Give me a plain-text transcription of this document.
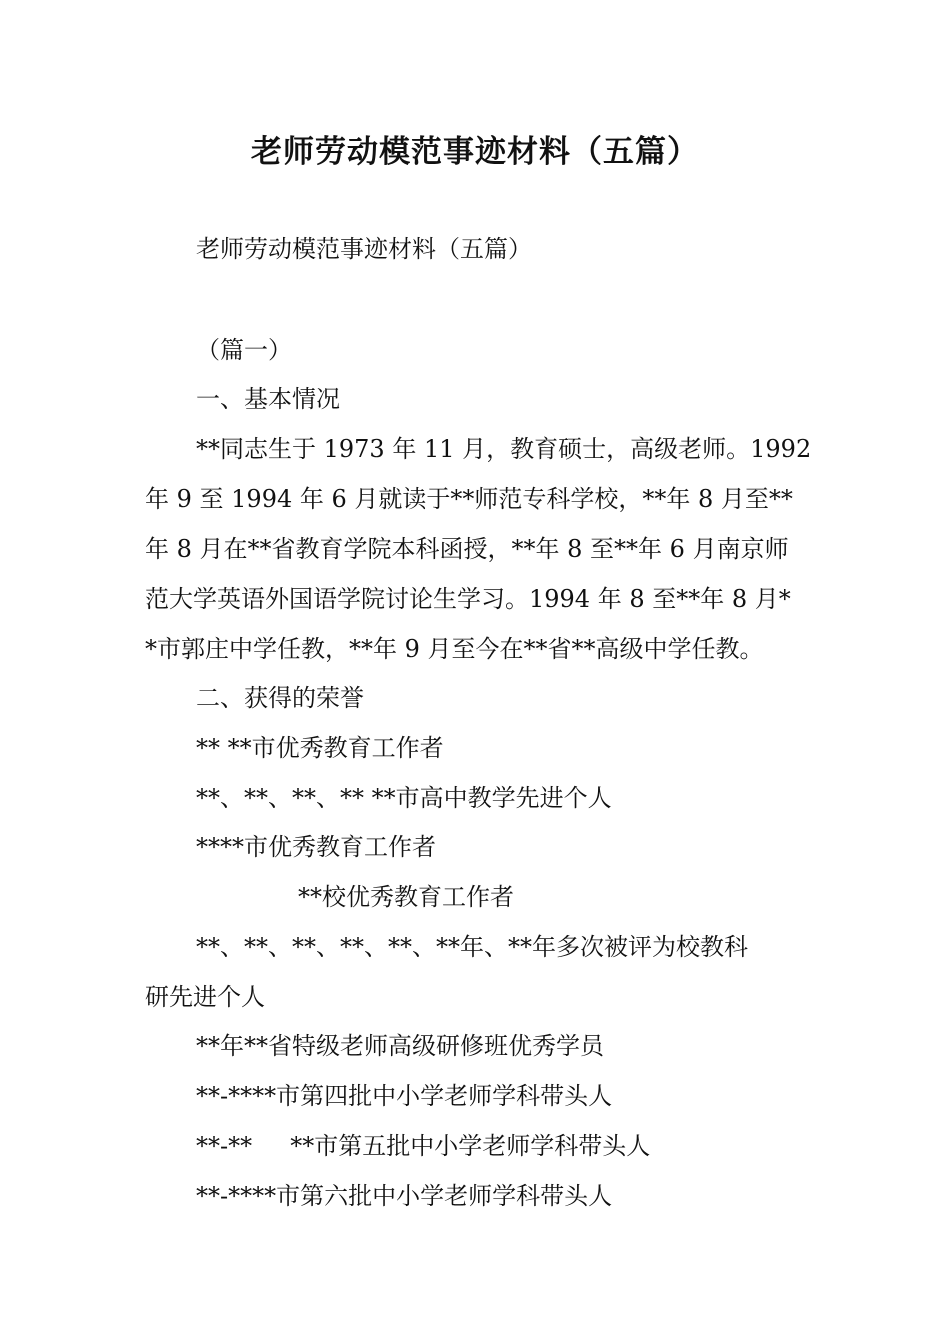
老师劳动模范事迹材料（五篇）

老师劳动模范事迹材料（五篇）

（篇一）

一、基本情况

**同志生于 1973 年 11 月，教育硕士，高级老师。1992

年 9 至 1994 年 6 月就读于**师范专科学校，**年 8 月至**

年 8 月在**省教育学院本科函授，**年 8 至**年 6 月南京师

范大学英语外国语学院讨论生学习。1994 年 8 至**年 8 月*

*市郭庄中学任教，**年 9 月至今在**省**高级中学任教。

二、获得的荣誉

** **市优秀教育工作者

**、**、**、** **市高中教学先进个人

****市优秀教育工作者

**校优秀教育工作者

**、**、**、**、**、**年、**年多次被评为校教科

研先进个人

**年**省特级老师高级研修班优秀学员

**-****市第四批中小学老师学科带头人

**-**     **市第五批中小学老师学科带头人

**-****市第六批中小学老师学科带头人
